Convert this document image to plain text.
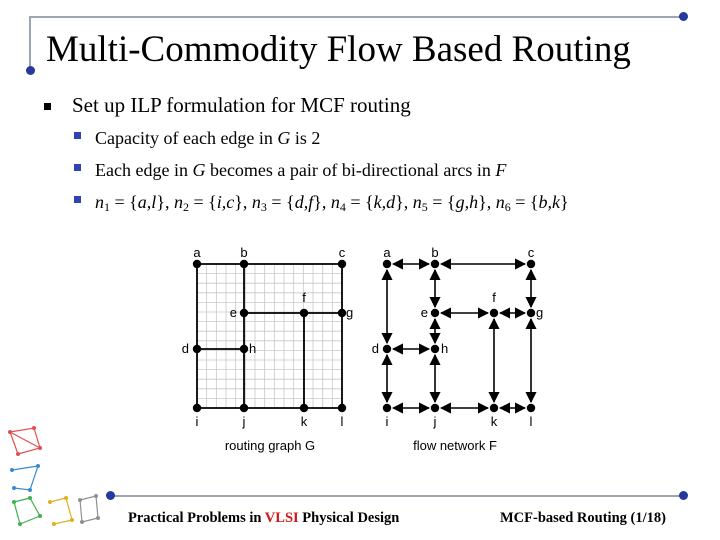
Multi-Commodity Flow Based Routing
Set up ILP formulation for MCF routing
Capacity of each edge in G is 2
Each edge in G becomes a pair of bi-directional arcs in F
$n_1 = \{a,l\}$, $n_2 = \{i,c\}$, $n_3 = \{d,f\}$, $n_4 = \{k,d\}$, $n_5 = \{g,h\}$, $n_6 = \{b,k\}$
a	a
b	b
c	c
e	e
f	f
g	g
d	d
h	h
i	i
j	j
k	k
l	l
routing graph G	flow network F
Practical Problems in VLSI Physical Design	MCF-based Routing (1/18)
